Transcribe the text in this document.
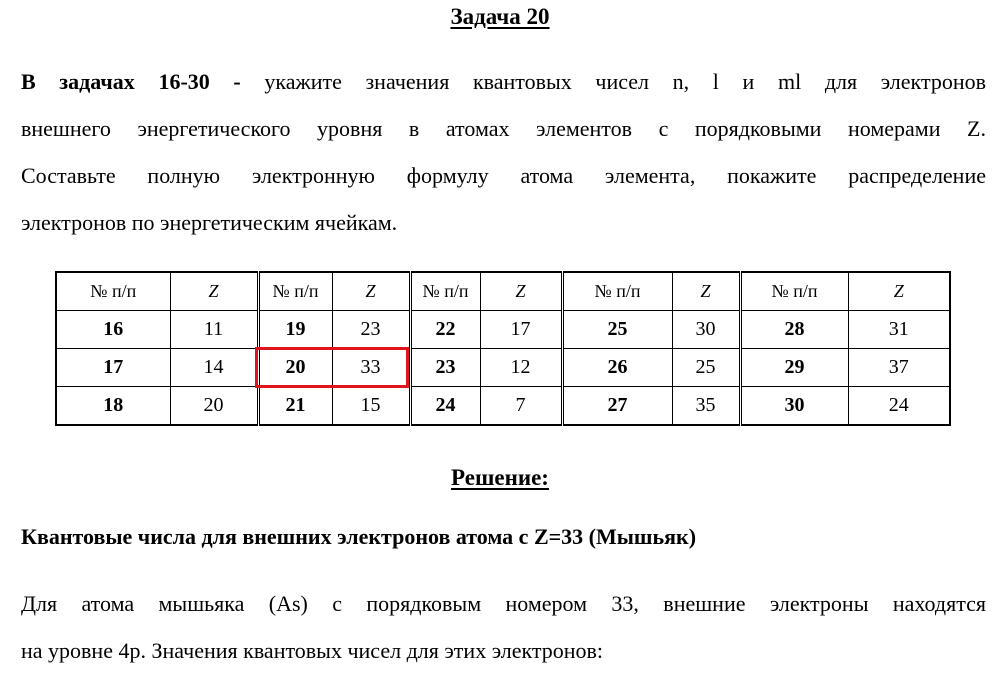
Задача 20
В задачах 16-30 - укажите значения квантовых чисел n, l и ml для электронов
внешнего энергетического уровня в атомах элементов с порядковыми номерами Z.
Составьте полную электронную формулу атома элемента, покажите распределение
электронов по энергетическим ячейкам.
№ п/п	Z	№ п/п	Z	№ п/п	Z	№ п/п	Z	№ п/п	Z
16	11	19	23	22	17	25	30	28	31
17	14	20	33	23	12	26	25	29	37
18	20	21	15	24	7	27	35	30	24
Решение:
Квантовые числа для внешних электронов атома с Z=33 (Мышьяк)
Для атома мышьяка (As) с порядковым номером 33, внешние электроны находятся
на уровне 4p. Значения квантовых чисел для этих электронов:
